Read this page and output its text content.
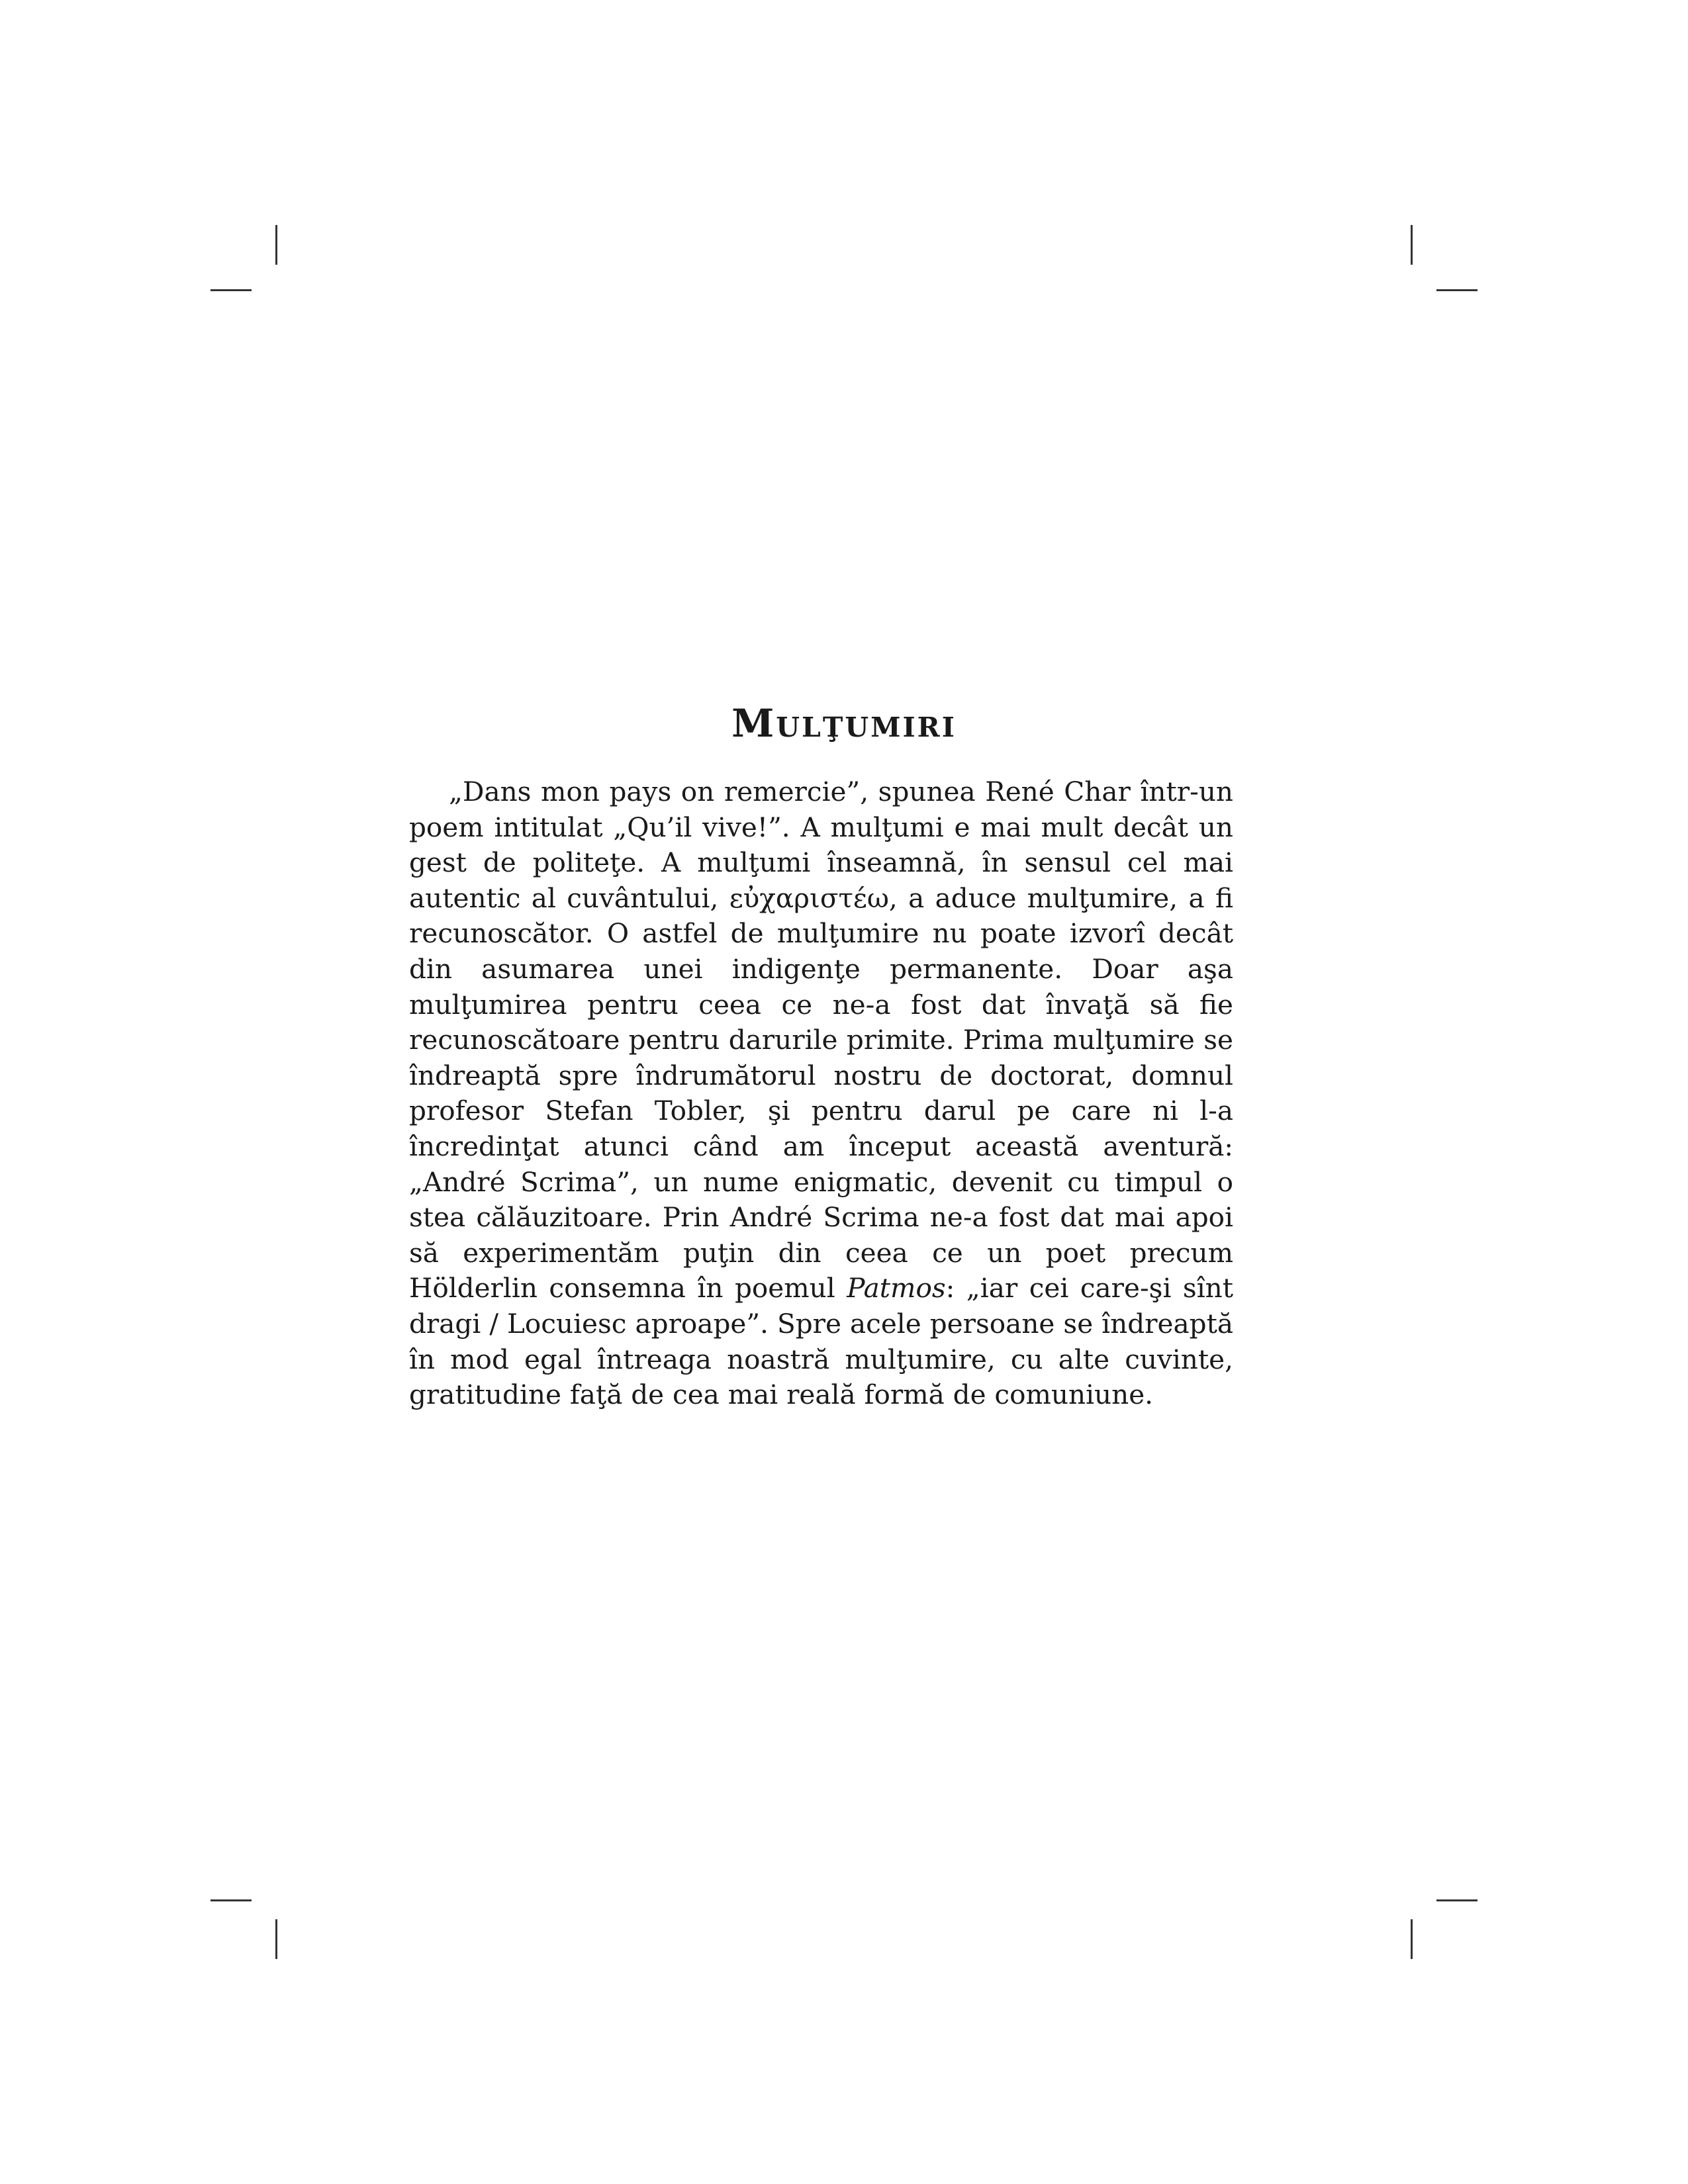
Mulţumiri

„Dans mon pays on remercie”, spunea René Char într-un poem intitulat „Qu’il vive!”. A mulţumi e mai mult decât un gest de politeţe. A mulţumi înseamnă, în sensul cel mai autentic al cuvântului, εὐχαριστέω, a aduce mulţumire, a fi recunoscător. O astfel de mulţumire nu poate izvorî decât din asumarea unei indigenţe permanente. Doar aşa mulţumirea pentru ceea ce ne-a fost dat învaţă să fie recunoscătoare pentru darurile primite. Prima mulţumire se îndreaptă spre îndrumătorul nostru de doctorat, domnul profesor Stefan Tobler, şi pentru darul pe care ni l-a încredinţat atunci când am început această aventură: „André Scrima”, un nume enigmatic, devenit cu timpul o stea călăuzitoare. Prin André Scrima ne-a fost dat mai apoi să experimentăm puţin din ceea ce un poet precum Hölderlin consemna în poemul Patmos: „iar cei care-şi sînt dragi / Locuiesc aproape”. Spre acele persoane se îndreaptă în mod egal întreaga noastră mulţumire, cu alte cuvinte, gratitudine faţă de cea mai reală formă de comuniune.
